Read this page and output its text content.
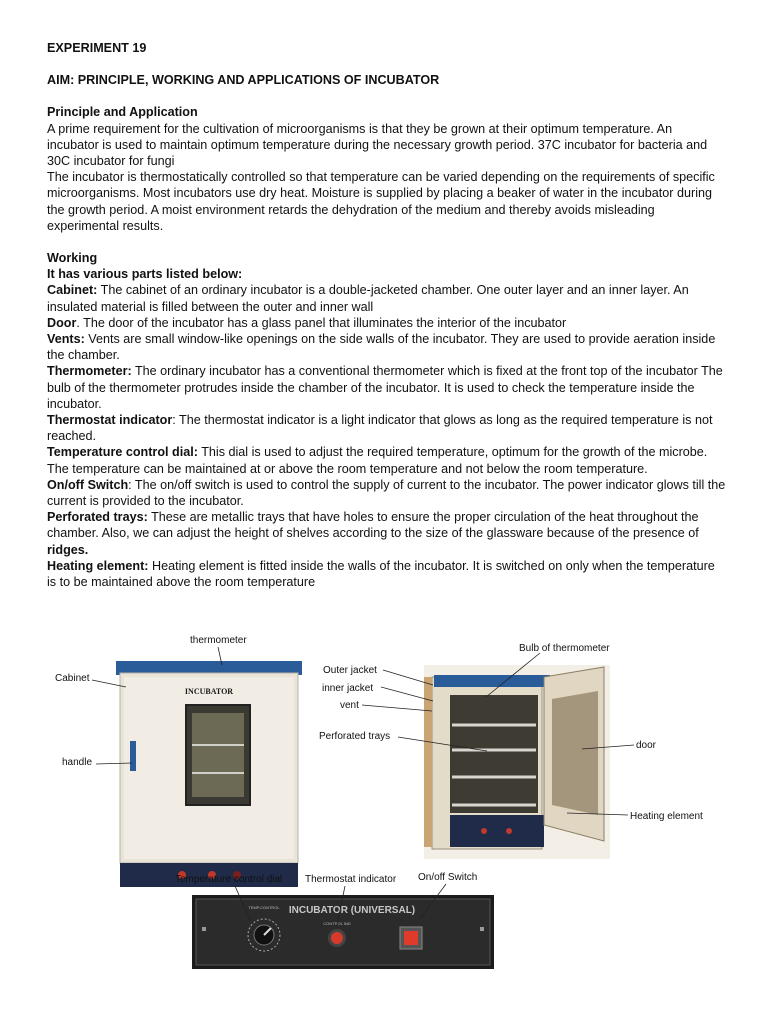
EXPERIMENT 19

AIM: PRINCIPLE, WORKING AND APPLICATIONS OF INCUBATOR

Principle and Application

A prime requirement for the cultivation of microorganisms is that they be grown at their optimum temperature. An incubator is used to maintain optimum temperature during the necessary growth period. 37C incubator for bacteria and 30C incubator for fungi

The incubator is thermostatically controlled so that temperature can be varied depending on the requirements of specific microorganisms. Most incubators use dry heat. Moisture is supplied by placing a beaker of water in the incubator during the growth period. A moist environment retards the dehydration of the medium and thereby avoids misleading experimental results.

Working

It has various parts listed below:

Cabinet: The cabinet of an ordinary incubator is a double-jacketed chamber. One outer layer and an inner layer. An insulated material is filled between the outer and inner wall

Door. The door of the incubator has a glass panel that illuminates the interior of the incubator

Vents: Vents are small window-like openings on the side walls of the incubator. They are used to provide aeration inside the chamber.

Thermometer: The ordinary incubator has a conventional thermometer which is fixed at the front top of the incubator The bulb of the thermometer protrudes inside the chamber of the incubator. It is used to check the temperature inside the incubator.

Thermostat indicator: The thermostat indicator is a light indicator that glows as long as the required temperature is not reached.

Temperature control dial: This dial is used to adjust the required temperature, optimum for the growth of the microbe. The temperature can be maintained at or above the room temperature and not below the room temperature.

On/off Switch: The on/off switch is used to control the supply of current to the incubator. The power indicator glows till the current is provided to the incubator.

Perforated trays: These are metallic trays that have holes to ensure the proper circulation of the heat throughout the chamber. Also, we can adjust the height of shelves according to the size of the glassware because of the presence of ridges.

Heating element: Heating element is fitted inside the walls of the incubator. It is switched on only when the temperature is to be maintained above the room temperature

INCUBATOR
INCUBATOR (UNIVERSAL)
TEMP.CONTROL
CONTROL IND
thermometer
Cabinet
handle
Bulb of thermometer
Outer jacket
inner jacket
vent
Perforated trays
door
Heating element
Temperature control dial Thermostat indicator On/off Switch
